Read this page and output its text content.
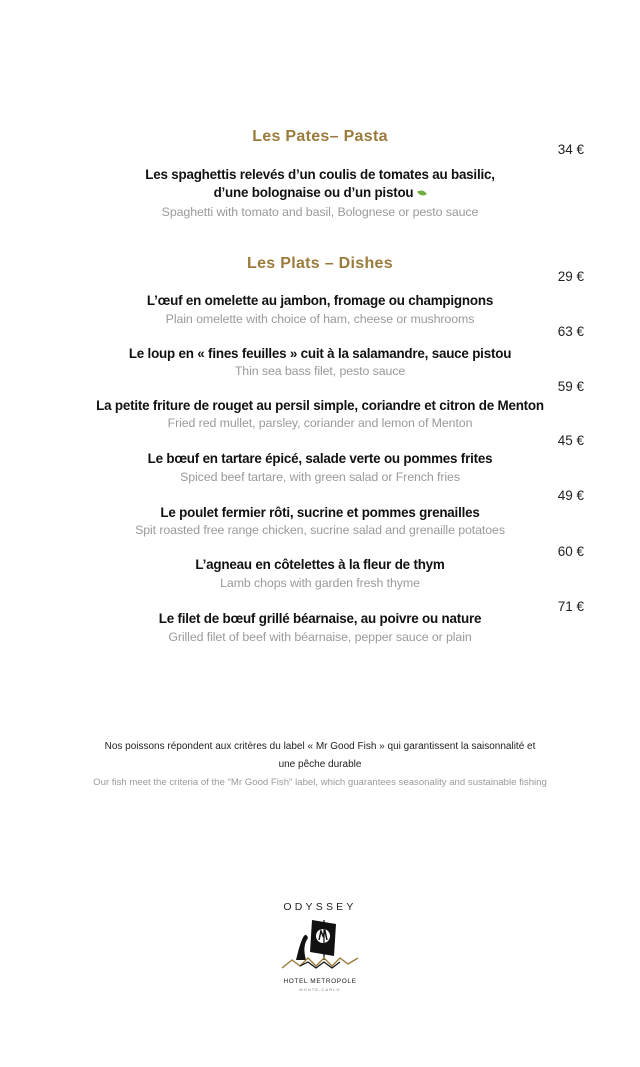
Les Pates– Pasta
34 €
Les spaghettis relevés d’un coulis de tomates au basilic,
d’une bolognaise ou d’un pistou
Spaghetti with tomato and basil, Bolognese or pesto sauce
Les Plats – Dishes
29 €
L’œuf en omelette au jambon, fromage ou champignons
Plain omelette with choice of ham, cheese or mushrooms
63 €
Le loup en « fines feuilles » cuit à la salamandre, sauce pistou
Thin sea bass filet, pesto sauce
59 €
La petite friture de rouget au persil simple, coriandre et citron de Menton
Fried red mullet, parsley, coriander and lemon of Menton
45 €
Le bœuf en tartare épicé, salade verte ou pommes frites
Spiced beef tartare, with green salad or French fries
49 €
Le poulet fermier rôti, sucrine et pommes grenailles
Spit roasted free range chicken, sucrine salad and grenaille potatoes
60 €
L’agneau en côtelettes à la fleur de thym
Lamb chops with garden fresh thyme
71 €
Le filet de bœuf grillé béarnaise, au poivre ou nature
Grilled filet of beef with béarnaise, pepper sauce or plain
Nos poissons répondent aux critères du label « Mr Good Fish » qui garantissent la saisonnalité et
une pêche durable
Our fish meet the criteria of the "Mr Good Fish" label, which guarantees seasonality and sustainable fishing
ODYSSEY
HOTEL METROPOLE
MONTE-CARLO
